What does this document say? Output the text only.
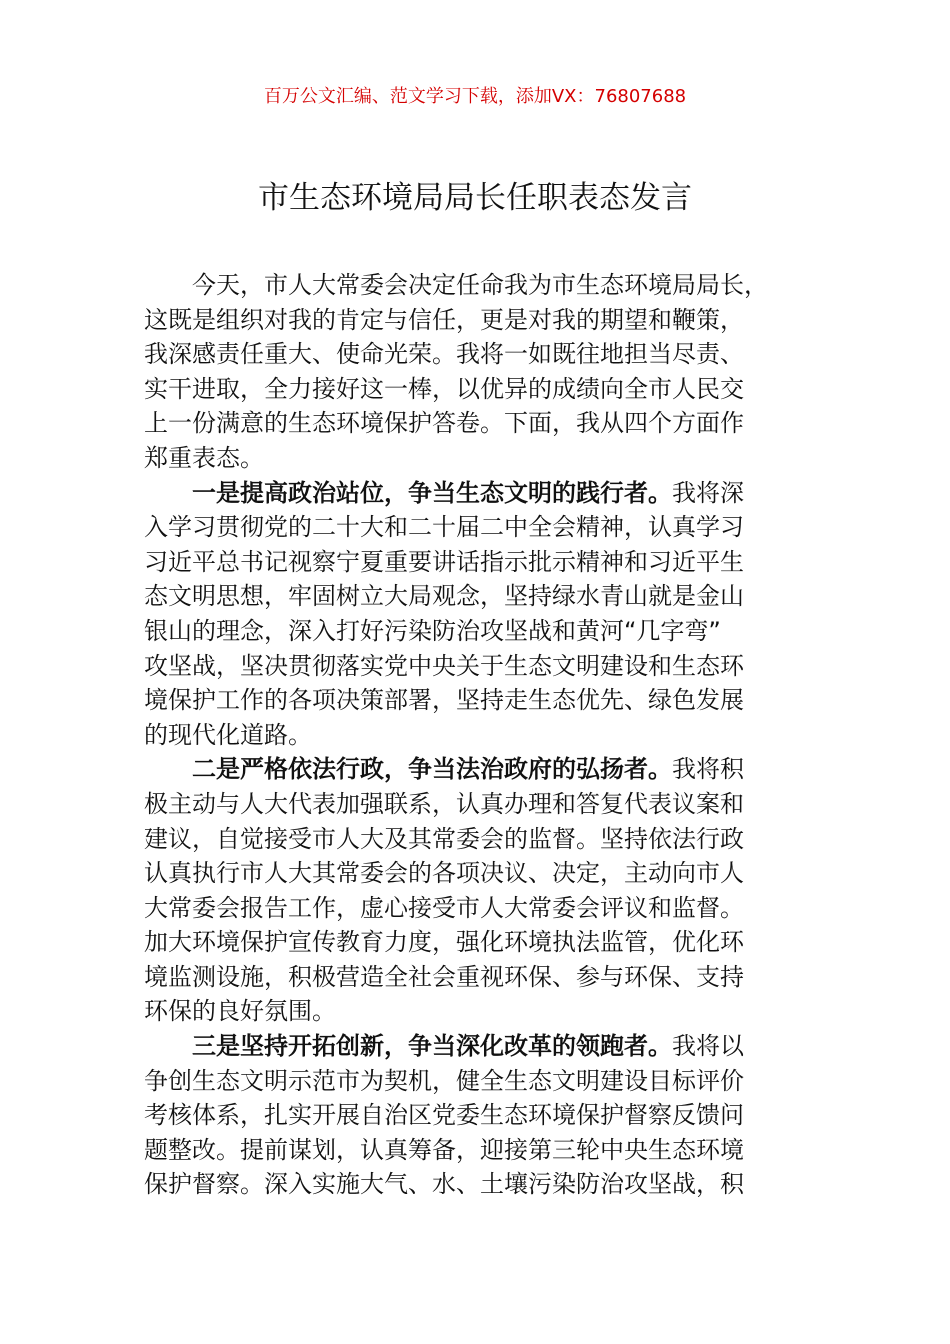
百万公文汇编、范文学习下载，添加VX：76807688
市生态环境局局长任职表态发言
今天，市人大常委会决定任命我为市生态环境局局长，
这既是组织对我的肯定与信任，更是对我的期望和鞭策，
我深感责任重大、使命光荣。我将一如既往地担当尽责、
实干进取，全力接好这一棒，以优异的成绩向全市人民交
上一份满意的生态环境保护答卷。下面，我从四个方面作
郑重表态。
一是提高政治站位，争当生态文明的践行者。我将深
入学习贯彻党的二十大和二十届二中全会精神，认真学习
习近平总书记视察宁夏重要讲话指示批示精神和习近平生
态文明思想，牢固树立大局观念，坚持绿水青山就是金山
银山的理念，深入打好污染防治攻坚战和黄河“几字弯”
攻坚战，坚决贯彻落实党中央关于生态文明建设和生态环
境保护工作的各项决策部署，坚持走生态优先、绿色发展
的现代化道路。
二是严格依法行政，争当法治政府的弘扬者。我将积
极主动与人大代表加强联系，认真办理和答复代表议案和
建议，自觉接受市人大及其常委会的监督。坚持依法行政
认真执行市人大其常委会的各项决议、决定，主动向市人
大常委会报告工作，虚心接受市人大常委会评议和监督。
加大环境保护宣传教育力度，强化环境执法监管，优化环
境监测设施，积极营造全社会重视环保、参与环保、支持
环保的良好氛围。
三是坚持开拓创新，争当深化改革的领跑者。我将以
争创生态文明示范市为契机，健全生态文明建设目标评价
考核体系，扎实开展自治区党委生态环境保护督察反馈问
题整改。提前谋划，认真筹备，迎接第三轮中央生态环境
保护督察。深入实施大气、水、土壤污染防治攻坚战，积
